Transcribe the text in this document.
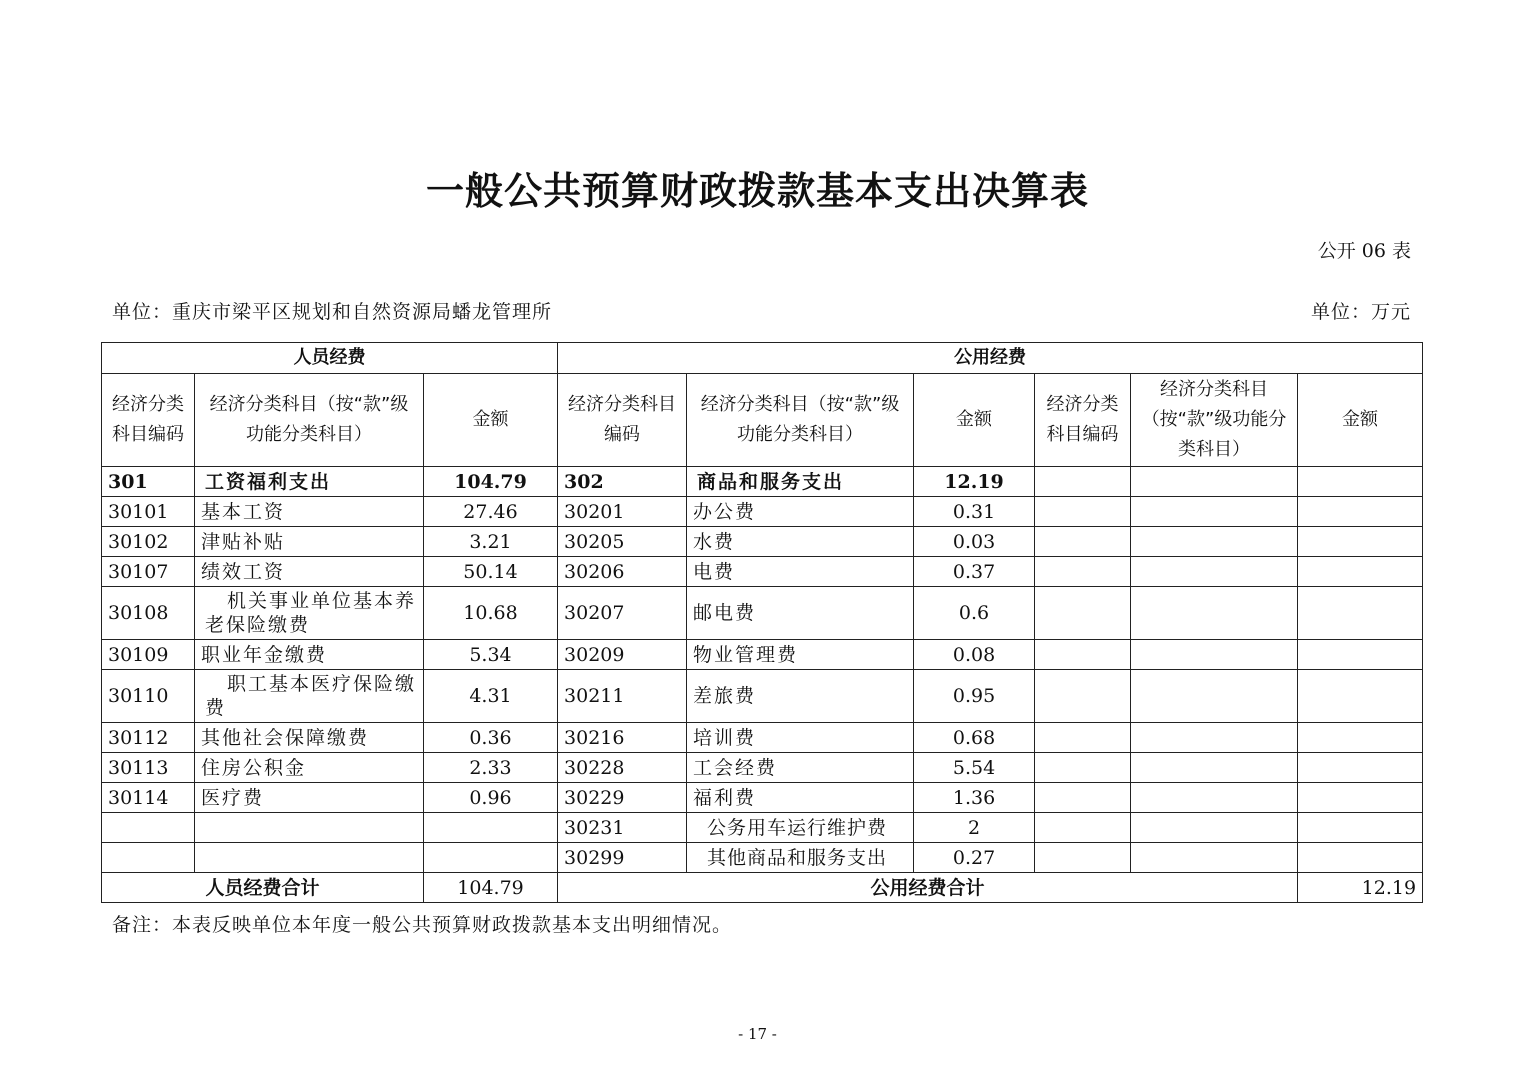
一般公共预算财政拨款基本支出决算表
公开 06 表
单位：重庆市梁平区规划和自然资源局蟠龙管理所	单位：万元
人员经费			公用经费					
经济分类科目编码	经济分类科目（按“款”级功能分类科目）	金额	经济分类科目编码	经济分类科目（按“款”级功能分类科目）	金额	经济分类科目编码	经济分类科目（按“款”级功能分类科目）	金额
301	工资福利支出	104.79	302	商品和服务支出	12.19			
30101	基本工资	27.46	30201	办公费	0.31			
30102	津贴补贴	3.21	30205	水费	0.03			
30107	绩效工资	50.14	30206	电费	0.37			
30108	机关事业单位基本养老保险缴费	10.68	30207	邮电费	0.6			
30109	职业年金缴费	5.34	30209	物业管理费	0.08			
30110	职工基本医疗保险缴费	4.31	30211	差旅费	0.95			
30112	其他社会保障缴费	0.36	30216	培训费	0.68			
30113	住房公积金	2.33	30228	工会经费	5.54			
30114	医疗费	0.96	30229	福利费	1.36			
			30231	公务用车运行维护费	2			
			30299	其他商品和服务支出	0.27			
人员经费合计		104.79	公用经费合计					12.19
备注：本表反映单位本年度一般公共预算财政拨款基本支出明细情况。
- 17 -
